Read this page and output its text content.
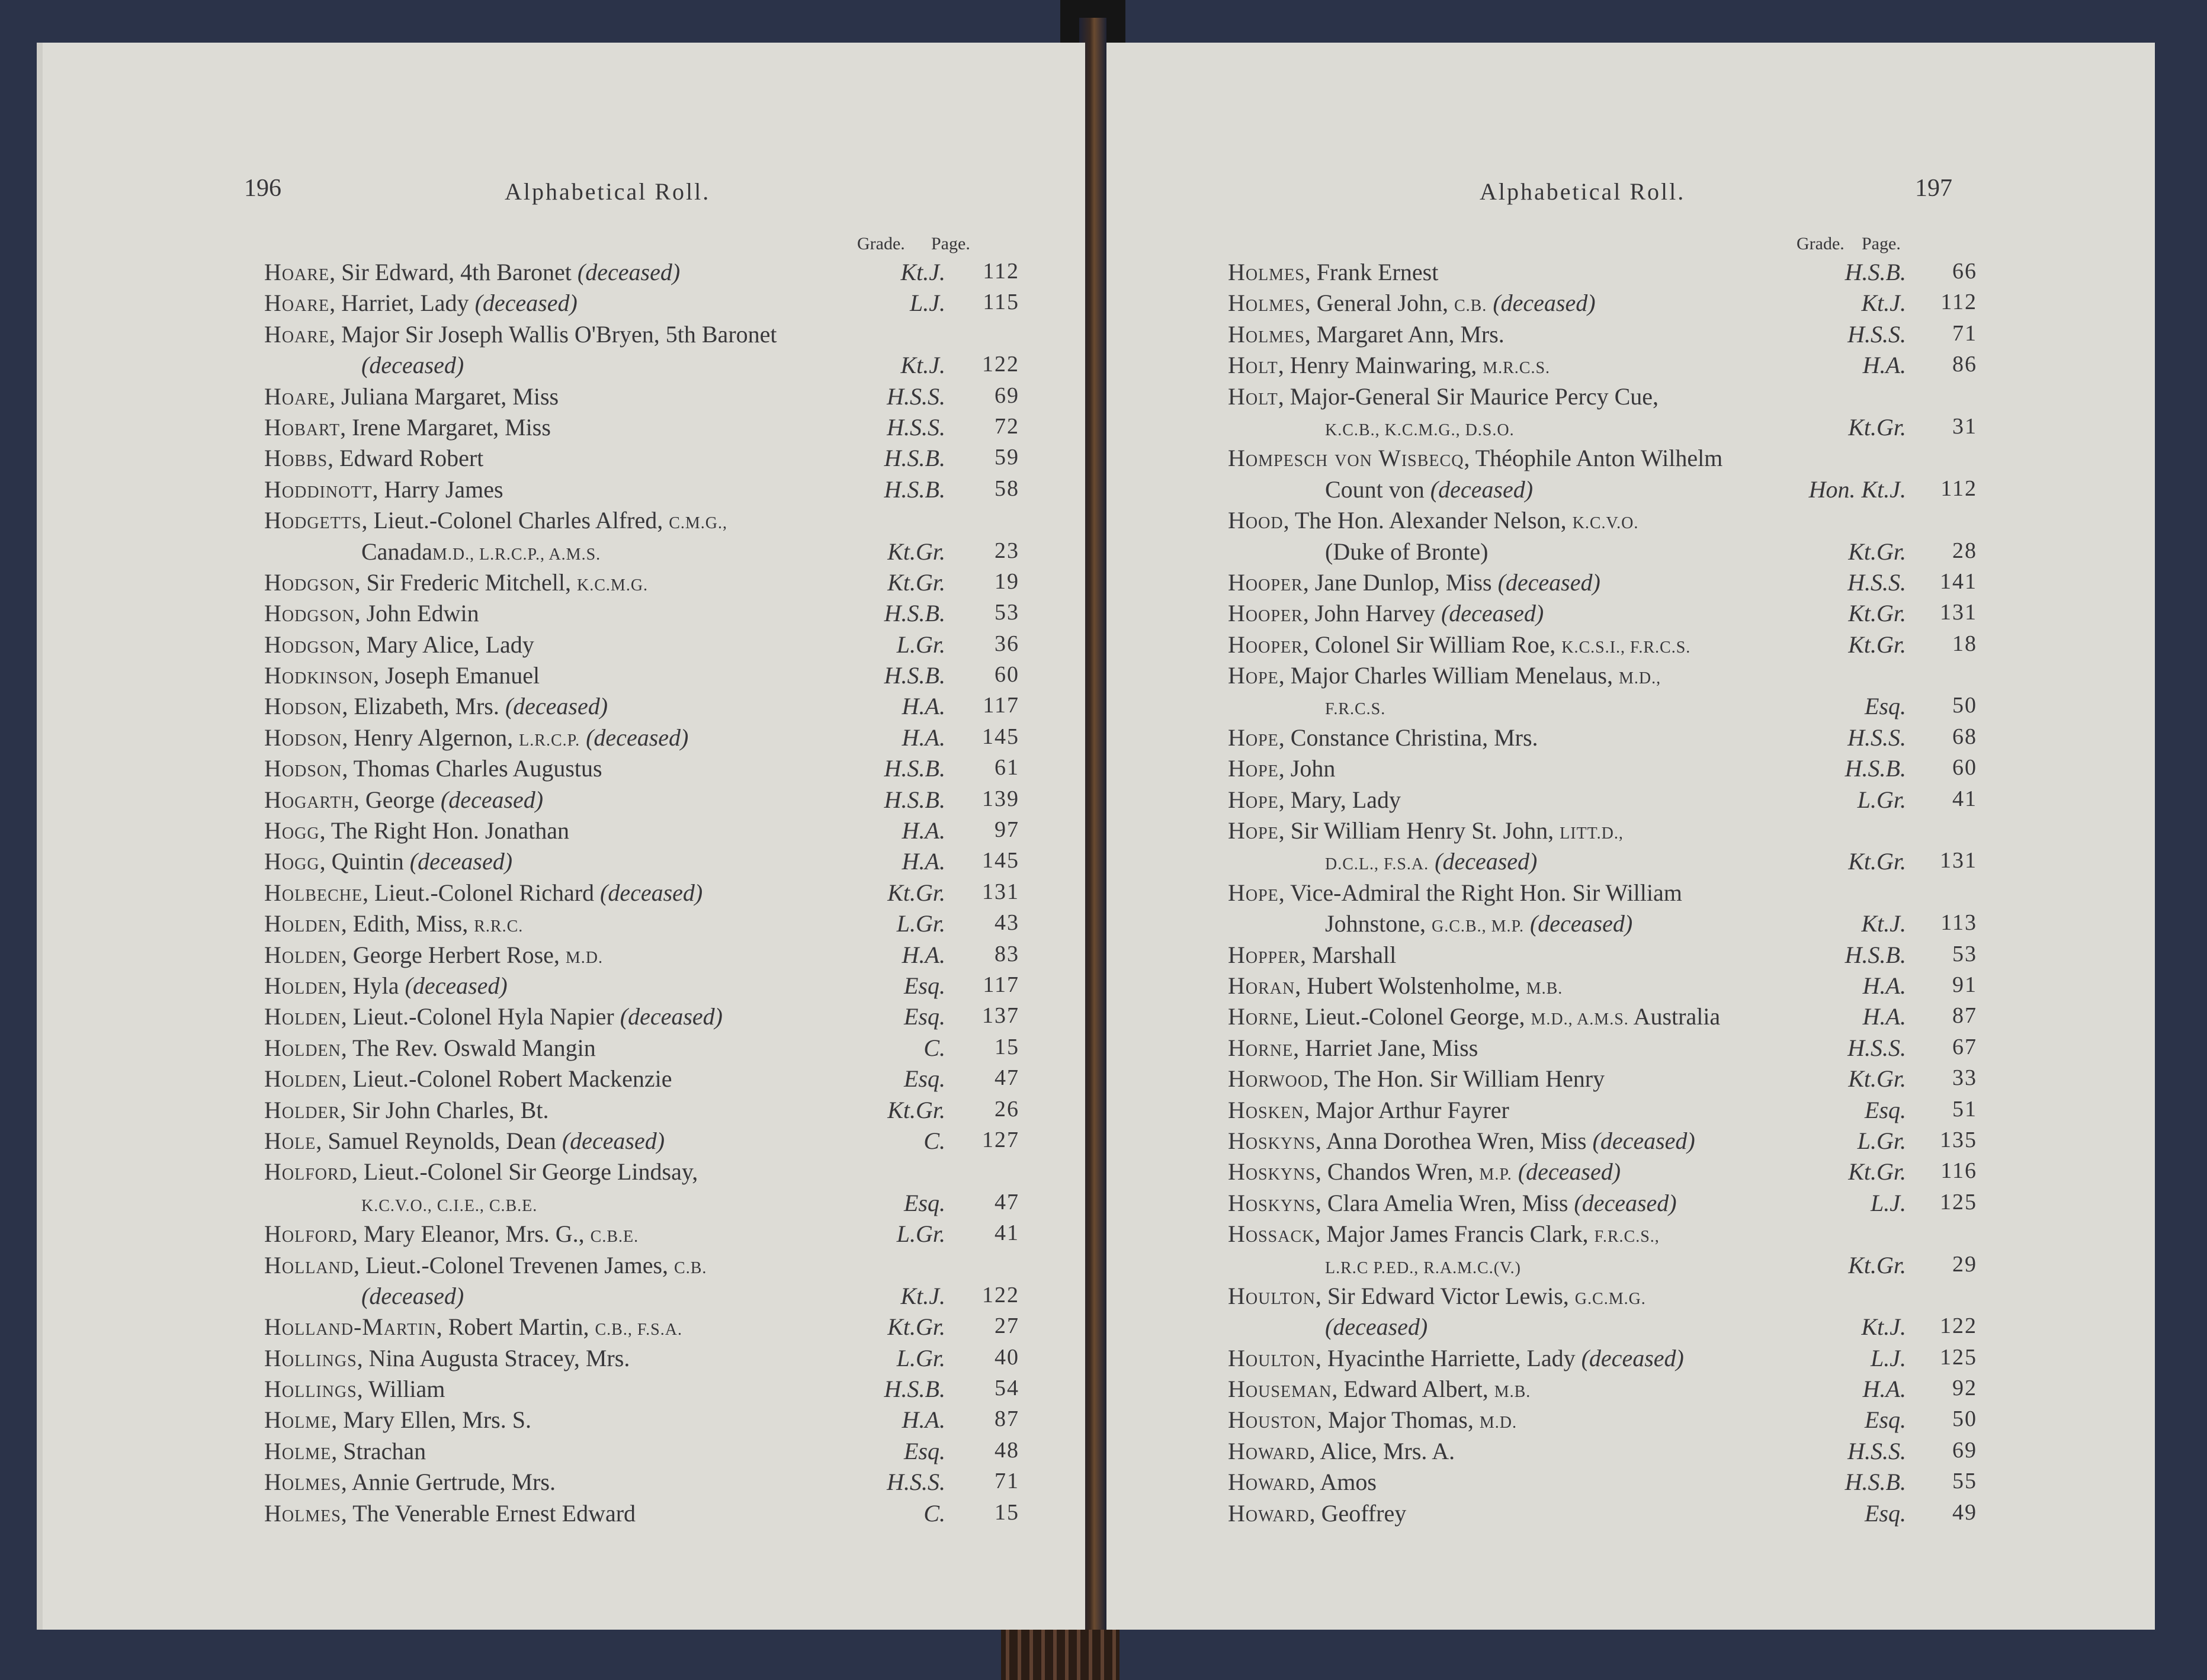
196	Alphabetical Roll.
Grade. Page.
Hoare, Sir Edward, 4th Baronet (deceased)	Kt.J. 112
Hoare, Harriet, Lady (deceased)	L.J. 115
Hoare, Major Sir Joseph Wallis O'Bryen, 5th Baronet
(deceased)	Kt.J. 122
Hoare, Juliana Margaret, Miss	H.S.S. 69
Hobart, Irene Margaret, Miss	H.S.S. 72
Hobbs, Edward Robert	H.S.B. 59
Hoddinott, Harry James	H.S.B. 58
Hodgetts, Lieut.-Colonel Charles Alfred, C.M.G.,
CanadaM.D., L.R.C.P., A.M.S.	Kt.Gr. 23
Hodgson, Sir Frederic Mitchell, K.C.M.G.	Kt.Gr. 19
Hodgson, John Edwin	H.S.B. 53
Hodgson, Mary Alice, Lady	L.Gr. 36
Hodkinson, Joseph Emanuel	H.S.B. 60
Hodson, Elizabeth, Mrs. (deceased)	H.A. 117
Hodson, Henry Algernon, L.R.C.P. (deceased)	H.A. 145
Hodson, Thomas Charles Augustus	H.S.B. 61
Hogarth, George (deceased)	H.S.B. 139
Hogg, The Right Hon. Jonathan	H.A. 97
Hogg, Quintin (deceased)	H.A. 145
Holbeche, Lieut.-Colonel Richard (deceased)	Kt.Gr. 131
Holden, Edith, Miss, R.R.C.	L.Gr. 43
Holden, George Herbert Rose, M.D.	H.A. 83
Holden, Hyla (deceased)	Esq. 117
Holden, Lieut.-Colonel Hyla Napier (deceased)	Esq. 137
Holden, The Rev. Oswald Mangin	C. 15
Holden, Lieut.-Colonel Robert Mackenzie	Esq. 47
Holder, Sir John Charles, Bt.	Kt.Gr. 26
Hole, Samuel Reynolds, Dean (deceased)	C. 127
Holford, Lieut.-Colonel Sir George Lindsay,
K.C.V.O., C.I.E., C.B.E.	Esq. 47
Holford, Mary Eleanor, Mrs. G., C.B.E.	L.Gr. 41
Holland, Lieut.-Colonel Trevenen James, C.B.
(deceased)	Kt.J. 122
Holland-Martin, Robert Martin, C.B., F.S.A.	Kt.Gr. 27
Hollings, Nina Augusta Stracey, Mrs.	L.Gr. 40
Hollings, William	H.S.B. 54
Holme, Mary Ellen, Mrs. S.	H.A. 87
Holme, Strachan	Esq. 48
Holmes, Annie Gertrude, Mrs.	H.S.S. 71
Holmes, The Venerable Ernest Edward	C. 15
Alphabetical Roll.	197
Grade. Page.
Holmes, Frank Ernest	H.S.B. 66
Holmes, General John, C.B. (deceased)	Kt.J. 112
Holmes, Margaret Ann, Mrs.	H.S.S. 71
Holt, Henry Mainwaring, M.R.C.S.	H.A. 86
Holt, Major-General Sir Maurice Percy Cue,
K.C.B., K.C.M.G., D.S.O.	Kt.Gr. 31
Hompesch von Wisbecq, Théophile Anton Wilhelm
Count von (deceased)	Hon. Kt.J. 112
Hood, The Hon. Alexander Nelson, K.C.V.O.
(Duke of Bronte)	Kt.Gr. 28
Hooper, Jane Dunlop, Miss (deceased)	H.S.S. 141
Hooper, John Harvey (deceased)	Kt.Gr. 131
Hooper, Colonel Sir William Roe, K.C.S.I., F.R.C.S.	Kt.Gr. 18
Hope, Major Charles William Menelaus, M.D.,
F.R.C.S.	Esq. 50
Hope, Constance Christina, Mrs.	H.S.S. 68
Hope, John	H.S.B. 60
Hope, Mary, Lady	L.Gr. 41
Hope, Sir William Henry St. John, LITT.D.,
D.C.L., F.S.A. (deceased)	Kt.Gr. 131
Hope, Vice-Admiral the Right Hon. Sir William
Johnstone, G.C.B., M.P. (deceased)	Kt.J. 113
Hopper, Marshall	H.S.B. 53
Horan, Hubert Wolstenholme, M.B.	H.A. 91
Horne, Lieut.-Colonel George, M.D., A.M.S. Australia	H.A. 87
Horne, Harriet Jane, Miss	H.S.S. 67
Horwood, The Hon. Sir William Henry	Kt.Gr. 33
Hosken, Major Arthur Fayrer	Esq. 51
Hoskyns, Anna Dorothea Wren, Miss (deceased)	L.Gr. 135
Hoskyns, Chandos Wren, M.P. (deceased)	Kt.Gr. 116
Hoskyns, Clara Amelia Wren, Miss (deceased)	L.J. 125
Hossack, Major James Francis Clark, F.R.C.S.,
L.R.C P.ED., R.A.M.C.(V.)	Kt.Gr. 29
Houlton, Sir Edward Victor Lewis, G.C.M.G.
(deceased)	Kt.J. 122
Houlton, Hyacinthe Harriette, Lady (deceased)	L.J. 125
Houseman, Edward Albert, M.B.	H.A. 92
Houston, Major Thomas, M.D.	Esq. 50
Howard, Alice, Mrs. A.	H.S.S. 69
Howard, Amos	H.S.B. 55
Howard, Geoffrey	Esq. 49
